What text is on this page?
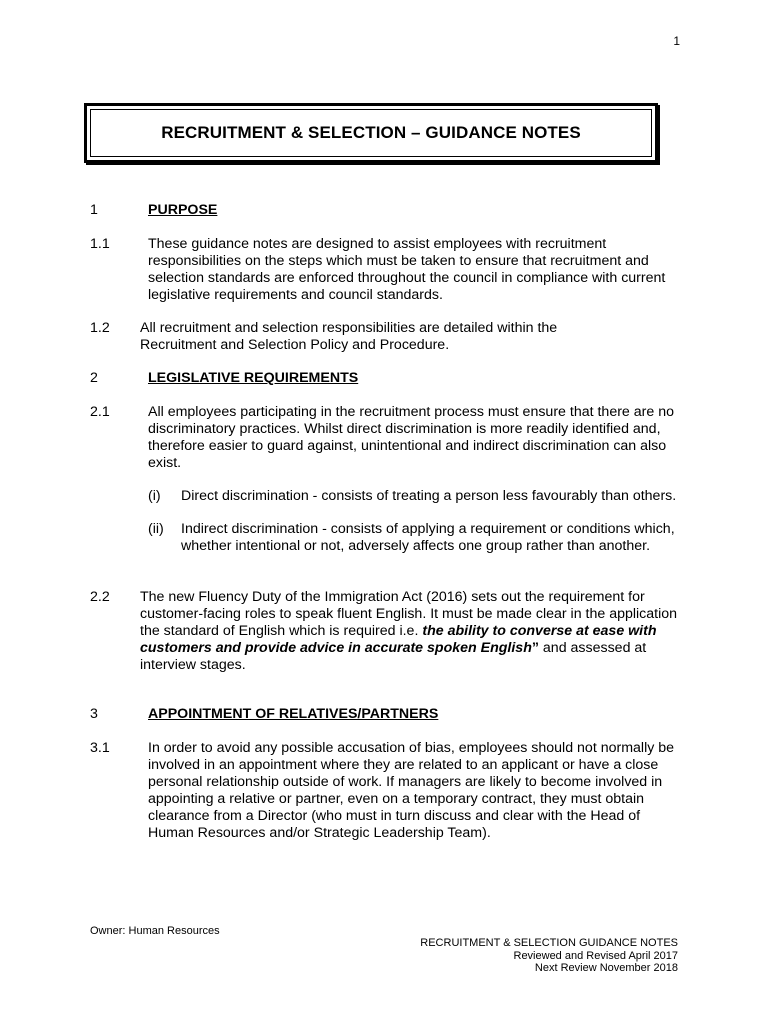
1
RECRUITMENT & SELECTION – GUIDANCE NOTES
1	PURPOSE
1.1	These guidance notes are designed to assist employees with recruitment responsibilities on the steps which must be taken to ensure that recruitment and selection standards are enforced throughout the council in compliance with current legislative requirements and council standards.
1.2 All recruitment and selection responsibilities are detailed within the Recruitment and Selection Policy and Procedure.
2	LEGISLATIVE REQUIREMENTS
2.1	All employees participating in the recruitment process must ensure that there are no discriminatory practices. Whilst direct discrimination is more readily identified and, therefore easier to guard against, unintentional and indirect discrimination can also exist.
(i) Direct discrimination - consists of treating a person less favourably than others.
(ii) Indirect discrimination - consists of applying a requirement or conditions which, whether intentional or not, adversely affects one group rather than another.
2.2 The new Fluency Duty of the Immigration Act (2016) sets out the requirement for customer-facing roles to speak fluent English. It must be made clear in the application the standard of English which is required i.e. the ability to converse at ease with customers and provide advice in accurate spoken English” and assessed at interview stages.
3	APPOINTMENT OF RELATIVES/PARTNERS
3.1	In order to avoid any possible accusation of bias, employees should not normally be involved in an appointment where they are related to an applicant or have a close personal relationship outside of work. If managers are likely to become involved in appointing a relative or partner, even on a temporary contract, they must obtain clearance from a Director (who must in turn discuss and clear with the Head of Human Resources and/or Strategic Leadership Team).
Owner: Human Resources
RECRUITMENT & SELECTION GUIDANCE NOTES
Reviewed and Revised April 2017
Next Review November 2018
